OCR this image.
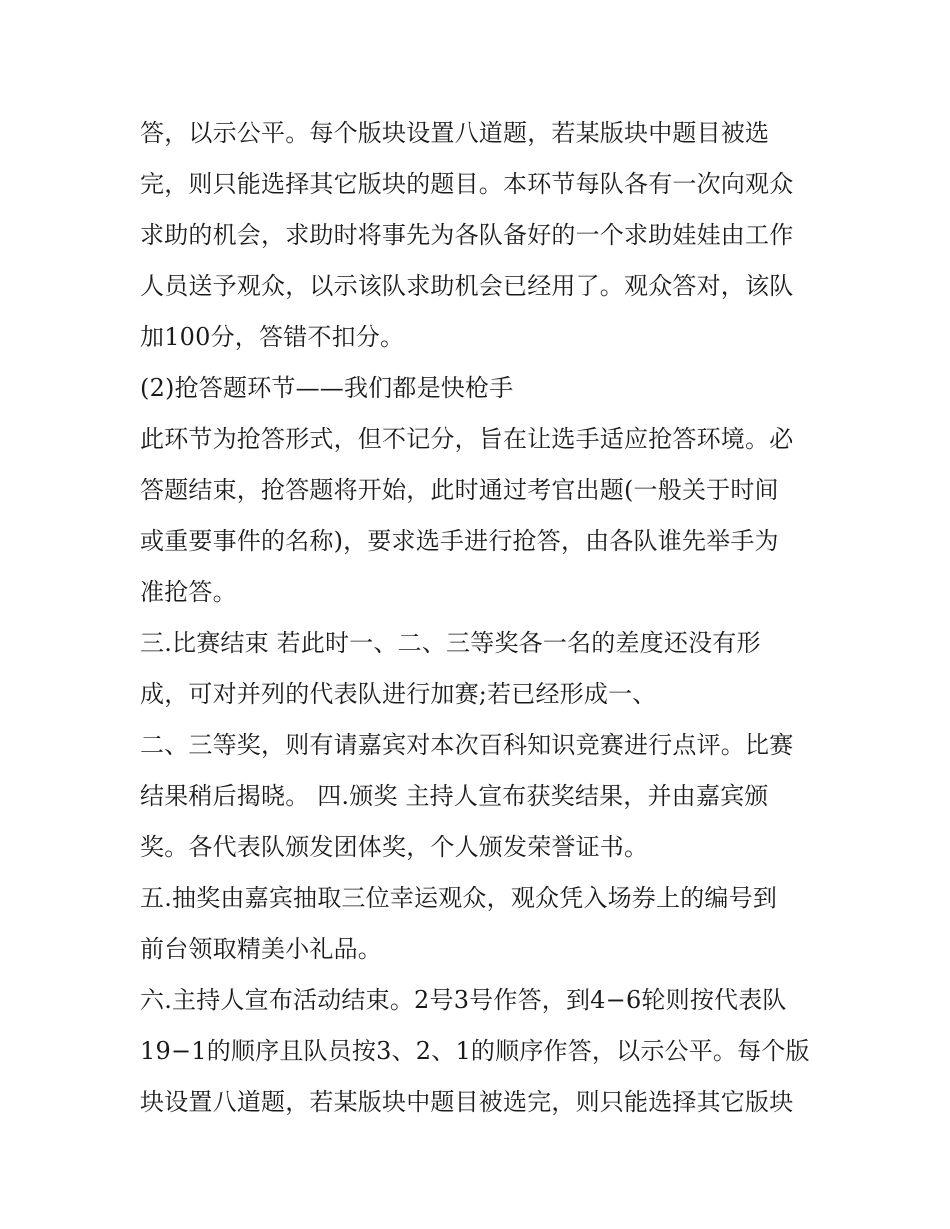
答，以示公平。每个版块设置八道题，若某版块中题目被选
完，则只能选择其它版块的题目。本环节每队各有一次向观众
求助的机会，求助时将事先为各队备好的一个求助娃娃由工作
人员送予观众，以示该队求助机会已经用了。观众答对，该队
加100分，答错不扣分。
(2)抢答题环节——我们都是快枪手
此环节为抢答形式，但不记分，旨在让选手适应抢答环境。必
答题结束，抢答题将开始，此时通过考官出题(一般关于时间
或重要事件的名称)，要求选手进行抢答，由各队谁先举手为
准抢答。
三.比赛结束 若此时一、二、三等奖各一名的差度还没有形
成，可对并列的代表队进行加赛;若已经形成一、
二、三等奖，则有请嘉宾对本次百科知识竞赛进行点评。比赛
结果稍后揭晓。 四.颁奖 主持人宣布获奖结果，并由嘉宾颁
奖。各代表队颁发团体奖，个人颁发荣誉证书。
五.抽奖由嘉宾抽取三位幸运观众，观众凭入场券上的编号到
前台领取精美小礼品。
六.主持人宣布活动结束。2号3号作答，到4−6轮则按代表队
19−1的顺序且队员按3、2、1的顺序作答，以示公平。每个版
块设置八道题，若某版块中题目被选完，则只能选择其它版块
